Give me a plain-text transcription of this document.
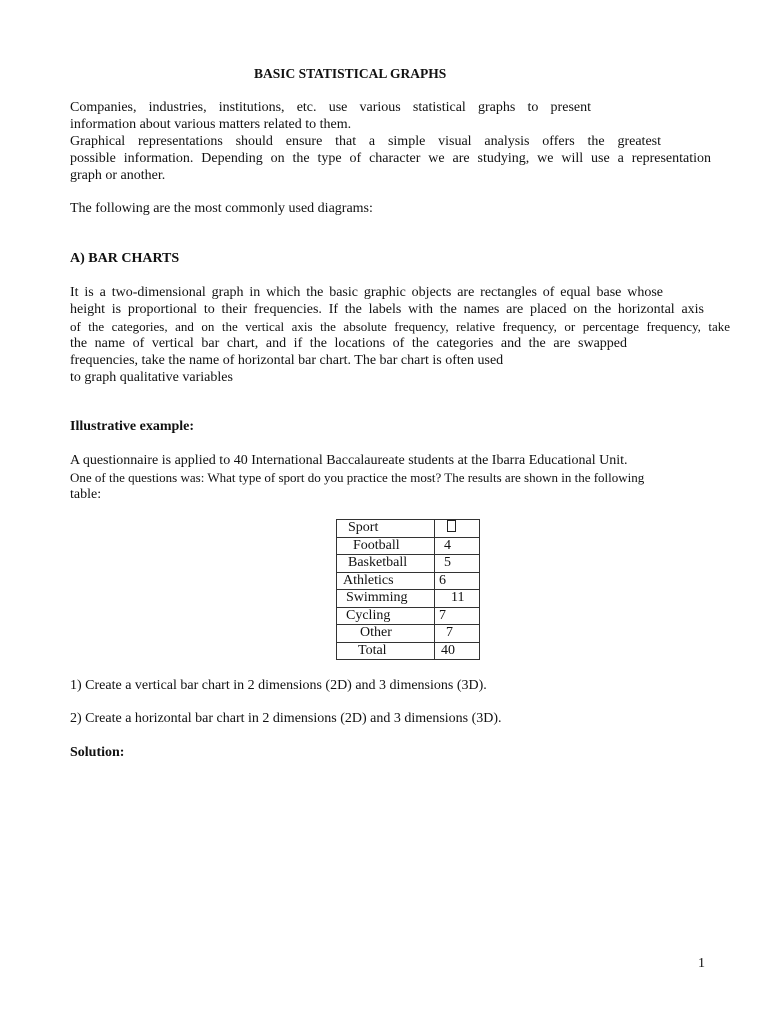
BASIC STATISTICAL GRAPHS
Companies, industries, institutions, etc. use various statistical graphs to present
information about various matters related to them.
Graphical representations should ensure that a simple visual analysis offers the greatest
possible information. Depending on the type of character we are studying, we will use a representation
graph or another.
The following are the most commonly used diagrams:
A) BAR CHARTS
It is a two-dimensional graph in which the basic graphic objects are rectangles of equal base whose
height is proportional to their frequencies. If the labels with the names are placed on the horizontal axis
of the categories, and on the vertical axis the absolute frequency, relative frequency, or percentage frequency, take
the name of vertical bar chart, and if the locations of the categories and the are swapped
frequencies, take the name of horizontal bar chart. The bar chart is often used
to graph qualitative variables
Illustrative example:
A questionnaire is applied to 40 International Baccalaureate students at the Ibarra Educational Unit.
One of the questions was: What type of sport do you practice the most? The results are shown in the following
table:
Sport	
Football	4
Basketball	5
Athletics	6
Swimming	11
Cycling	7
Other	7
Total	40
1) Create a vertical bar chart in 2 dimensions (2D) and 3 dimensions (3D).
2) Create a horizontal bar chart in 2 dimensions (2D) and 3 dimensions (3D).
Solution:
1
